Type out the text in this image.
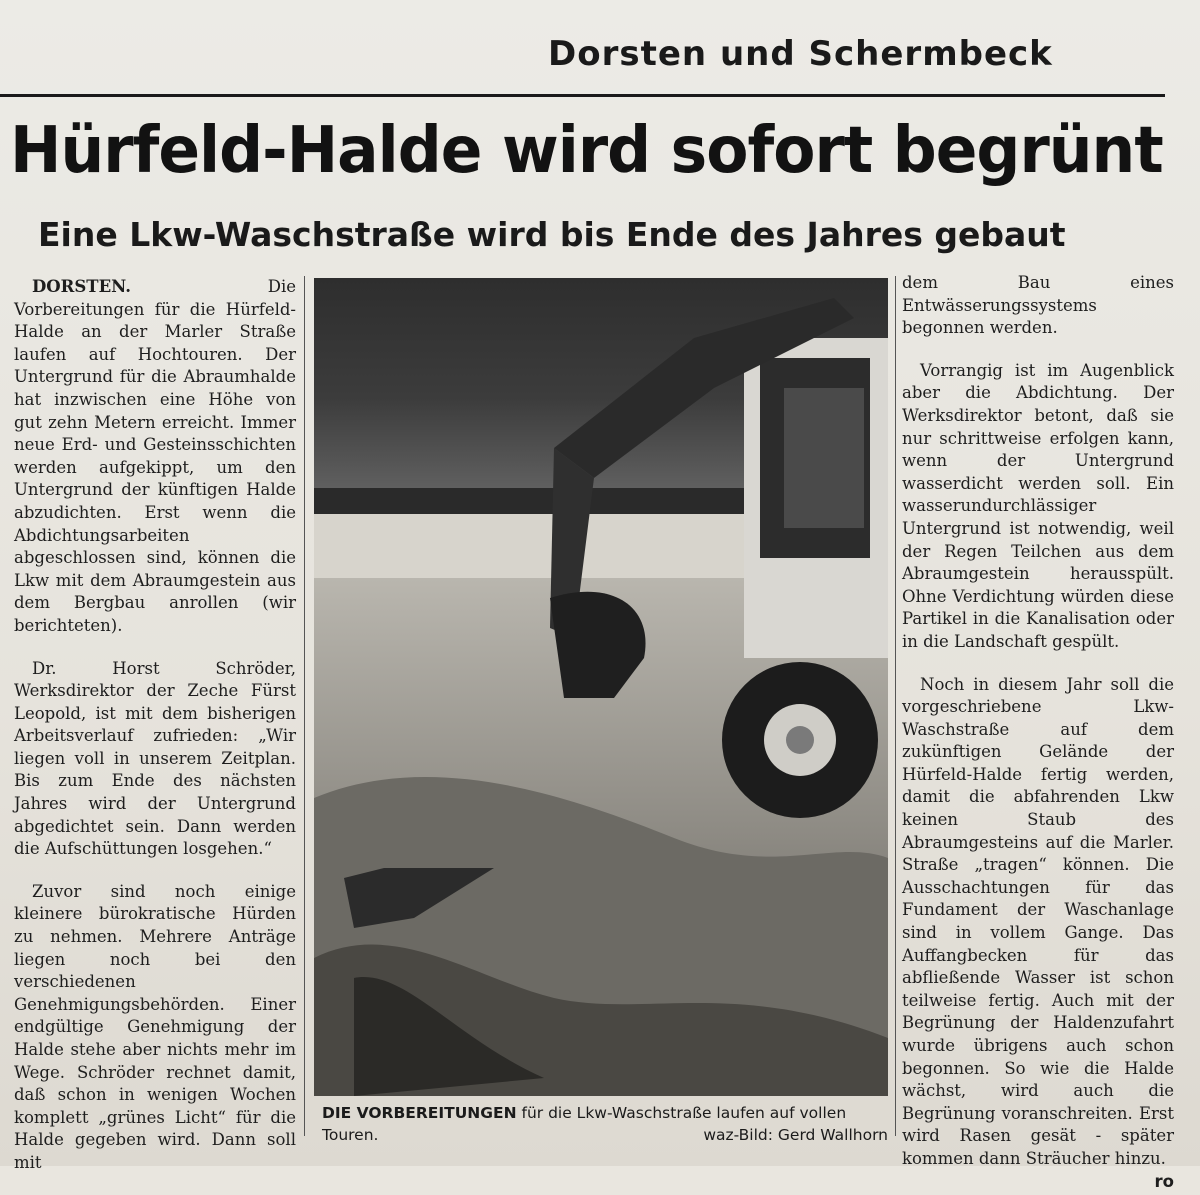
Dorsten und Schermbeck
Hürfeld-Halde wird sofort begrünt
Eine Lkw-Waschstraße wird bis Ende des Jahres gebaut

DORSTEN.	Die Vorbereitungen für die Hürfeld-Halde an der Marler Straße laufen auf Hochtouren. Der Untergrund für die Abraumhalde hat inzwischen eine Höhe von gut zehn Metern erreicht. Immer neue Erd- und Gesteinsschichten werden aufgekippt, um den Untergrund der künftigen Halde abzudichten. Erst wenn die Abdichtungsarbeiten abgeschlossen sind, können die Lkw mit dem Abraumgestein aus dem Bergbau anrollen (wir berichteten).

Dr. Horst Schröder, Werksdirektor der Zeche Fürst Leopold, ist mit dem bisherigen Arbeitsverlauf zufrieden: „Wir liegen voll in unserem Zeitplan. Bis zum Ende des nächsten Jahres wird der Untergrund abgedichtet sein. Dann werden die Aufschüttungen losgehen.“

Zuvor sind noch einige kleinere bürokratische Hürden zu nehmen. Mehrere Anträge liegen noch bei den verschiedenen Genehmigungsbehörden. Einer endgültige Genehmigung der Halde stehe aber nichts mehr im Wege. Schröder rechnet damit, daß schon in wenigen Wochen komplett „grünes Licht“ für die Halde gegeben wird. Dann soll mit

DIE VORBEREITUNGEN für die Lkw-Waschstraße laufen auf vollen Touren.	waz-Bild: Gerd Wallhorn

dem Bau eines Entwässerungssystems begonnen werden.

Vorrangig ist im Augenblick aber die Abdichtung. Der Werksdirektor betont, daß sie nur schrittweise erfolgen kann, wenn der Untergrund wasserdicht werden soll. Ein wasserundurchlässiger Untergrund ist notwendig, weil der Regen Teilchen aus dem Abraumgestein herausspült. Ohne Verdichtung würden diese Partikel in die Kanalisation oder in die Landschaft gespült.

Noch in diesem Jahr soll die vorgeschriebene Lkw-Waschstraße auf dem zukünftigen Gelände der Hürfeld-Halde fertig werden, damit die abfahrenden Lkw keinen Staub des Abraumgesteins auf die Marler. Straße „tragen“ können. Die Ausschachtungen für das Fundament der Waschanlage sind in vollem Gange. Das Auffangbecken für das abfließende Wasser ist schon teilweise fertig. Auch mit der Begrünung der Haldenzufahrt wurde übrigens auch schon begonnen. So wie die Halde wächst, wird auch die Begrünung voranschreiten. Erst wird Rasen gesät - später kommen dann Sträucher hinzu.
ro
